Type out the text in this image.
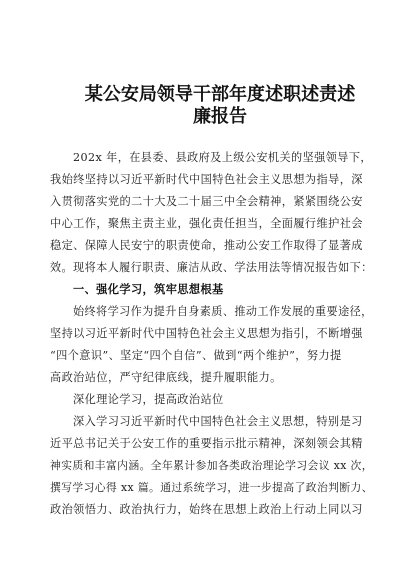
某公安局领导干部年度述职述责述
廉报告
202x 年，在县委、县政府及上级公安机关的坚强领导下，
我始终坚持以习近平新时代中国特色社会主义思想为指导，深
入贯彻落实党的二十大及二十届三中全会精神，紧紧围绕公安
中心工作，聚焦主责主业，强化责任担当，全面履行维护社会
稳定、保障人民安宁的职责使命，推动公安工作取得了显著成
效。现将本人履行职责、廉洁从政、学法用法等情况报告如下：
一、强化学习，筑牢思想根基
始终将学习作为提升自身素质、推动工作发展的重要途径，
坚持以习近平新时代中国特色社会主义思想为指引，不断增强
“四个意识”、坚定“四个自信”、做到“两个维护”，努力提
高政治站位，严守纪律底线，提升履职能力。
深化理论学习，提高政治站位
深入学习习近平新时代中国特色社会主义思想，特别是习
近平总书记关于公安工作的重要指示批示精神，深刻领会其精
神实质和丰富内涵。全年累计参加各类政治理论学习会议 xx 次，
撰写学习心得 xx 篇。通过系统学习，进一步提高了政治判断力、
政治领悟力、政治执行力，始终在思想上政治上行动上同以习
